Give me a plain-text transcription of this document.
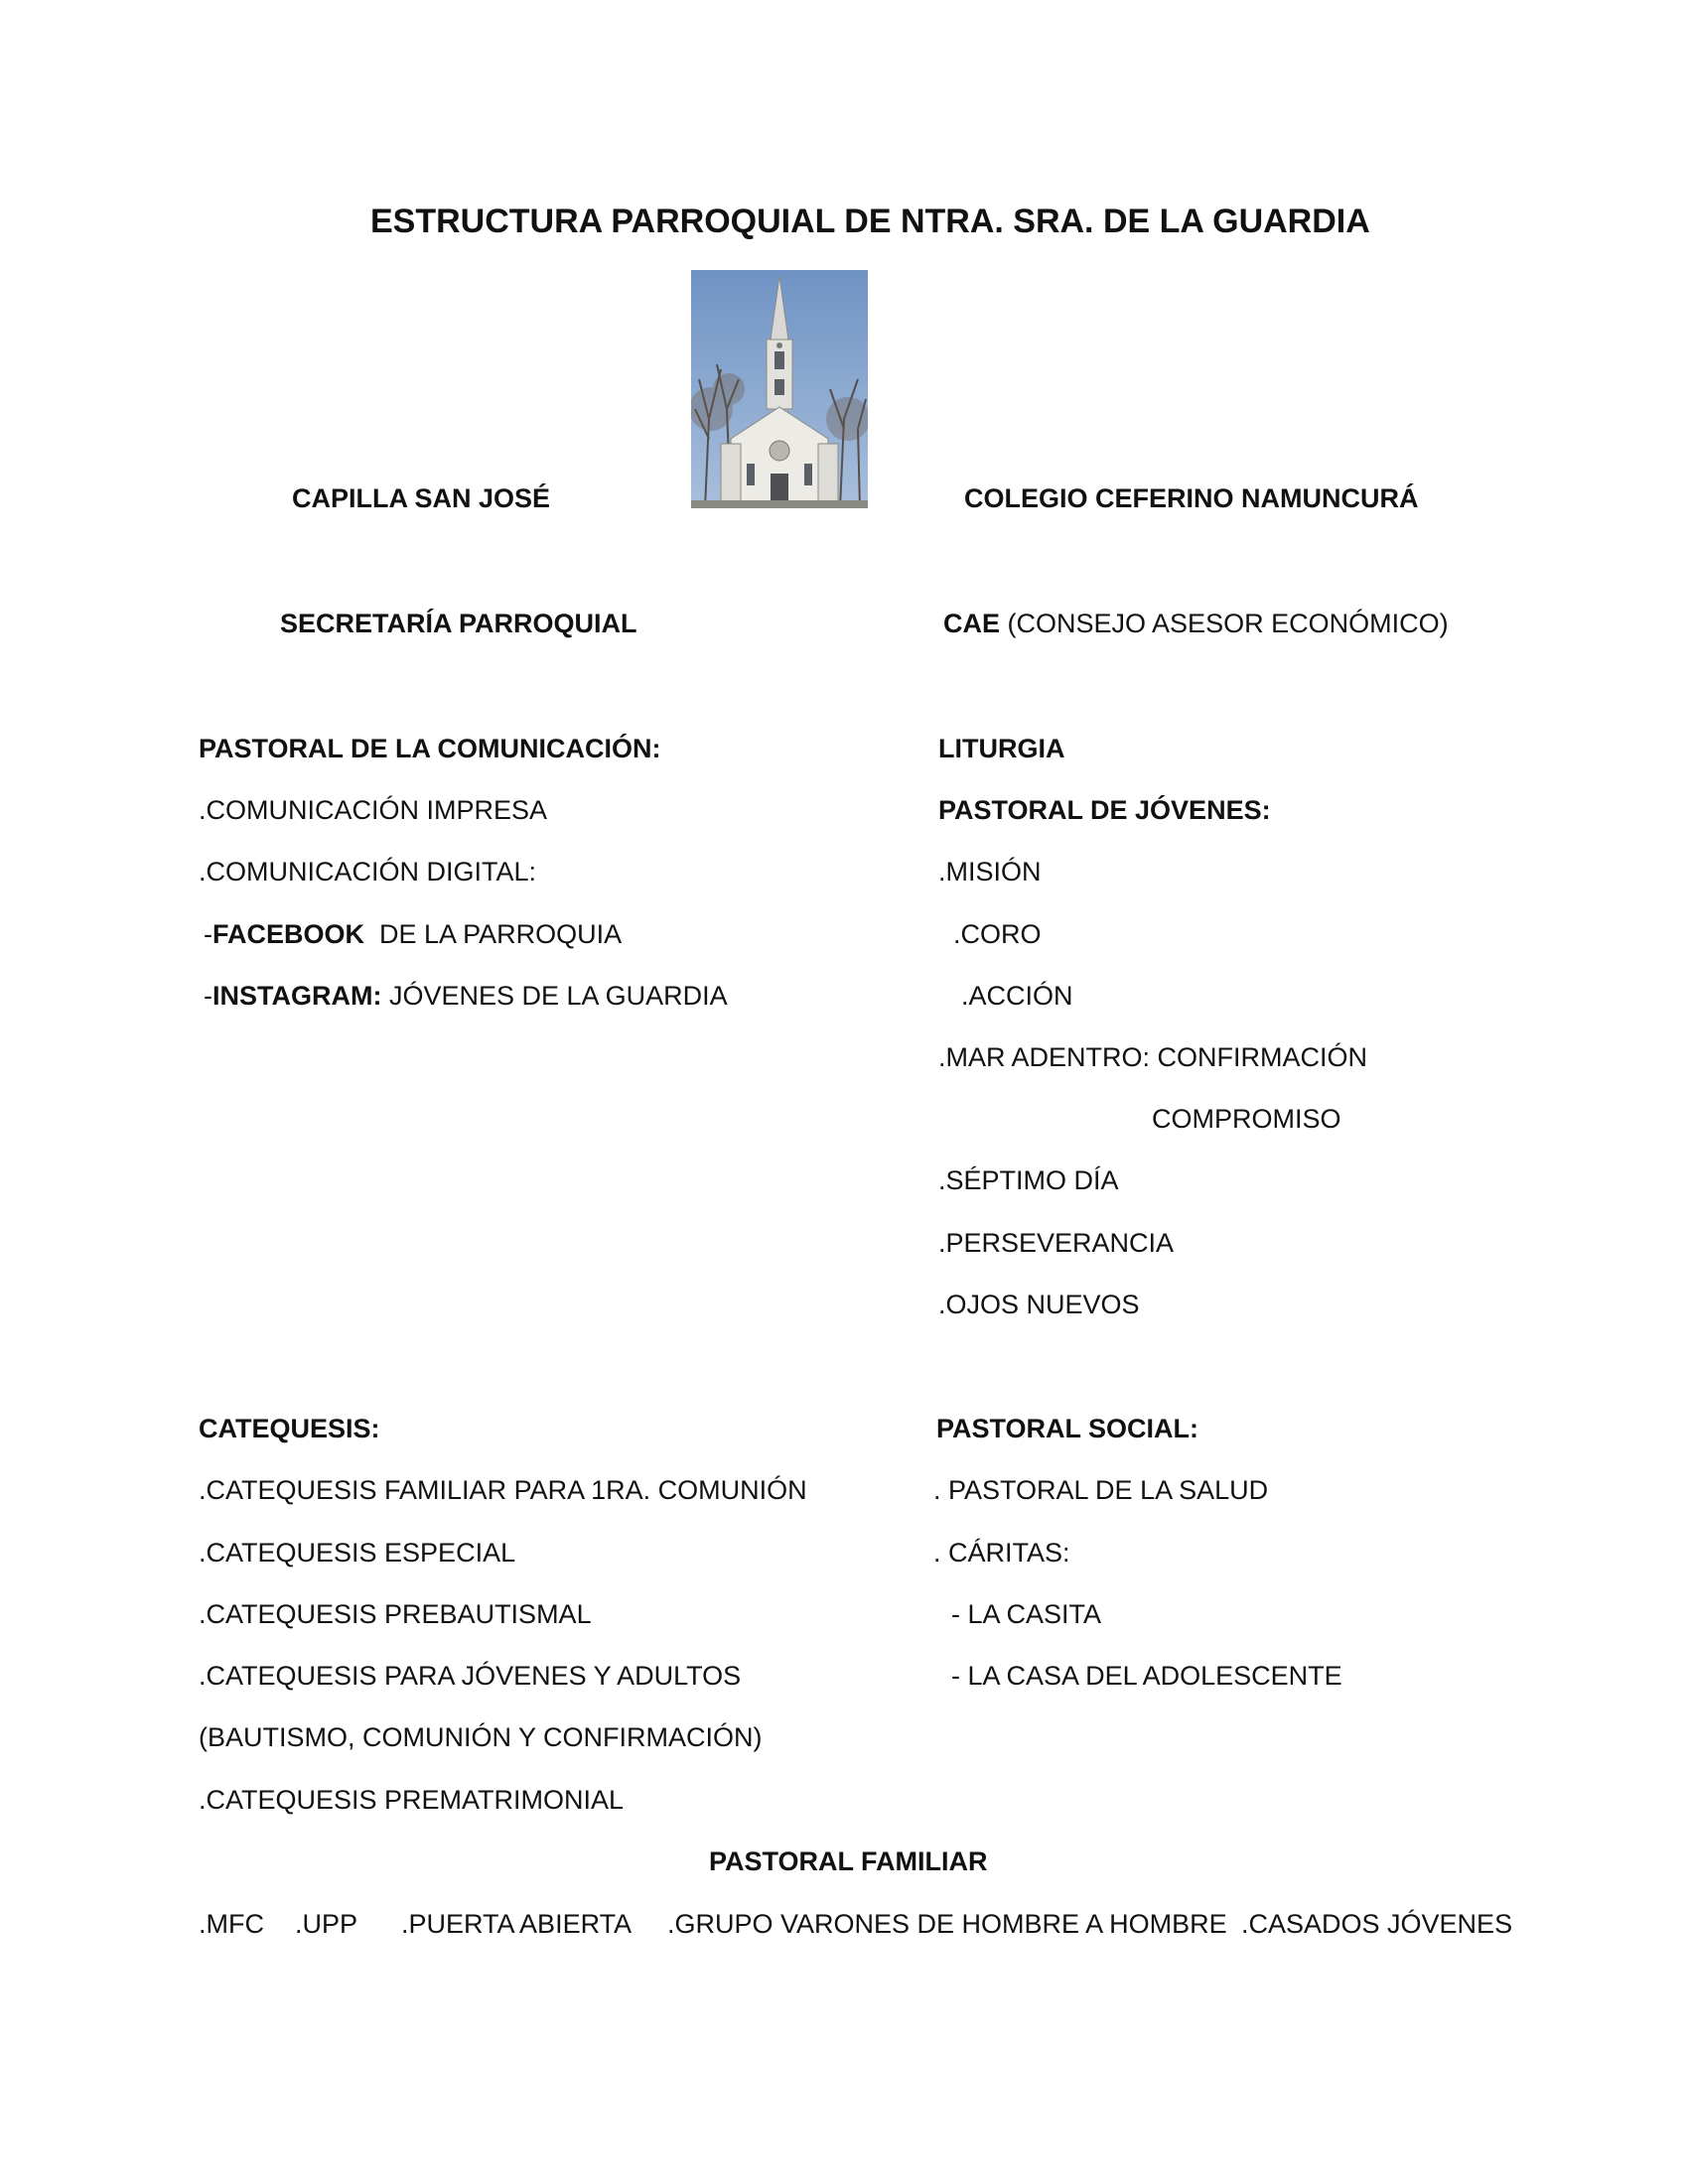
ESTRUCTURA PARROQUIAL DE NTRA. SRA. DE LA GUARDIA
CAPILLA SAN JOSÉ	COLEGIO CEFERINO NAMUNCURÁ
SECRETARÍA PARROQUIAL	CAE (CONSEJO ASESOR ECONÓMICO)
PASTORAL DE LA COMUNICACIÓN:
.COMUNICACIÓN IMPRESA
.COMUNICACIÓN DIGITAL:
-FACEBOOK  DE LA PARROQUIA
-INSTAGRAM: JÓVENES DE LA GUARDIA
LITURGIA
PASTORAL DE JÓVENES:
.MISIÓN
.CORO
.ACCIÓN
.MAR ADENTRO: CONFIRMACIÓN
COMPROMISO
.SÉPTIMO DÍA
.PERSEVERANCIA
.OJOS NUEVOS
CATEQUESIS:
.CATEQUESIS FAMILIAR PARA 1RA. COMUNIÓN
.CATEQUESIS ESPECIAL
.CATEQUESIS PREBAUTISMAL
.CATEQUESIS PARA JÓVENES Y ADULTOS
(BAUTISMO, COMUNIÓN Y CONFIRMACIÓN)
.CATEQUESIS PREMATRIMONIAL
PASTORAL SOCIAL:
. PASTORAL DE LA SALUD
. CÁRITAS:
- LA CASITA
- LA CASA DEL ADOLESCENTE
PASTORAL FAMILIAR
.MFC .UPP .PUERTA ABIERTA .GRUPO VARONES DE HOMBRE A HOMBRE .CASADOS JÓVENES
